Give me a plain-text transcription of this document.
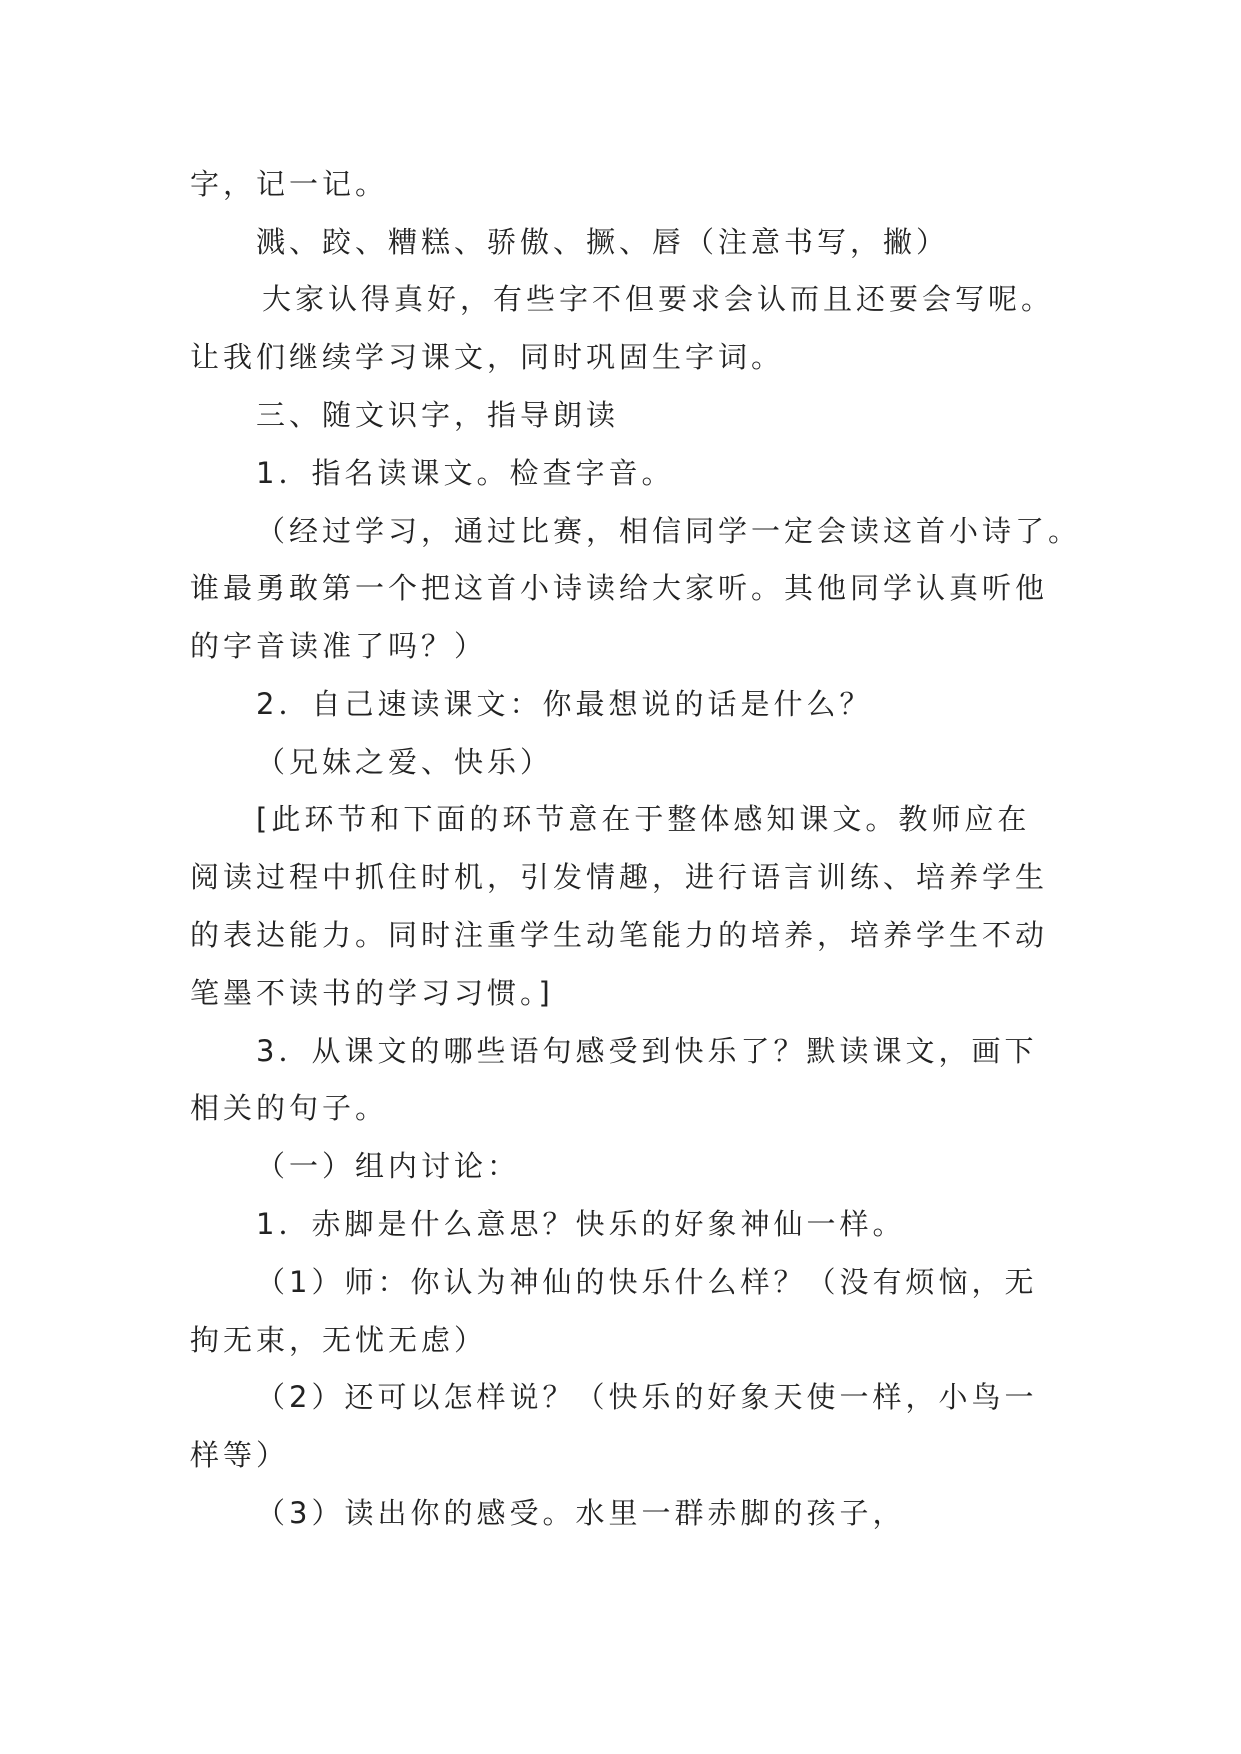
字，记一记。
溅、跤、糟糕、骄傲、撅、唇（注意书写，撇）
大家认得真好，有些字不但要求会认而且还要会写呢。
让我们继续学习课文，同时巩固生字词。
三、随文识字，指导朗读
1．指名读课文。检查字音。
（经过学习，通过比赛，相信同学一定会读这首小诗了。
谁最勇敢第一个把这首小诗读给大家听。其他同学认真听他
的字音读准了吗？）
2．自己速读课文：你最想说的话是什么？
（兄妹之爱、快乐）
[此环节和下面的环节意在于整体感知课文。教师应在
阅读过程中抓住时机，引发情趣，进行语言训练、培养学生
的表达能力。同时注重学生动笔能力的培养，培养学生不动
笔墨不读书的学习习惯。]
3．从课文的哪些语句感受到快乐了？默读课文，画下
相关的句子。
（一）组内讨论：
1．赤脚是什么意思？快乐的好象神仙一样。
（1）师：你认为神仙的快乐什么样？（没有烦恼，无
拘无束，无忧无虑）
（2）还可以怎样说？（快乐的好象天使一样，小鸟一
样等）
（3）读出你的感受。水里一群赤脚的孩子，
